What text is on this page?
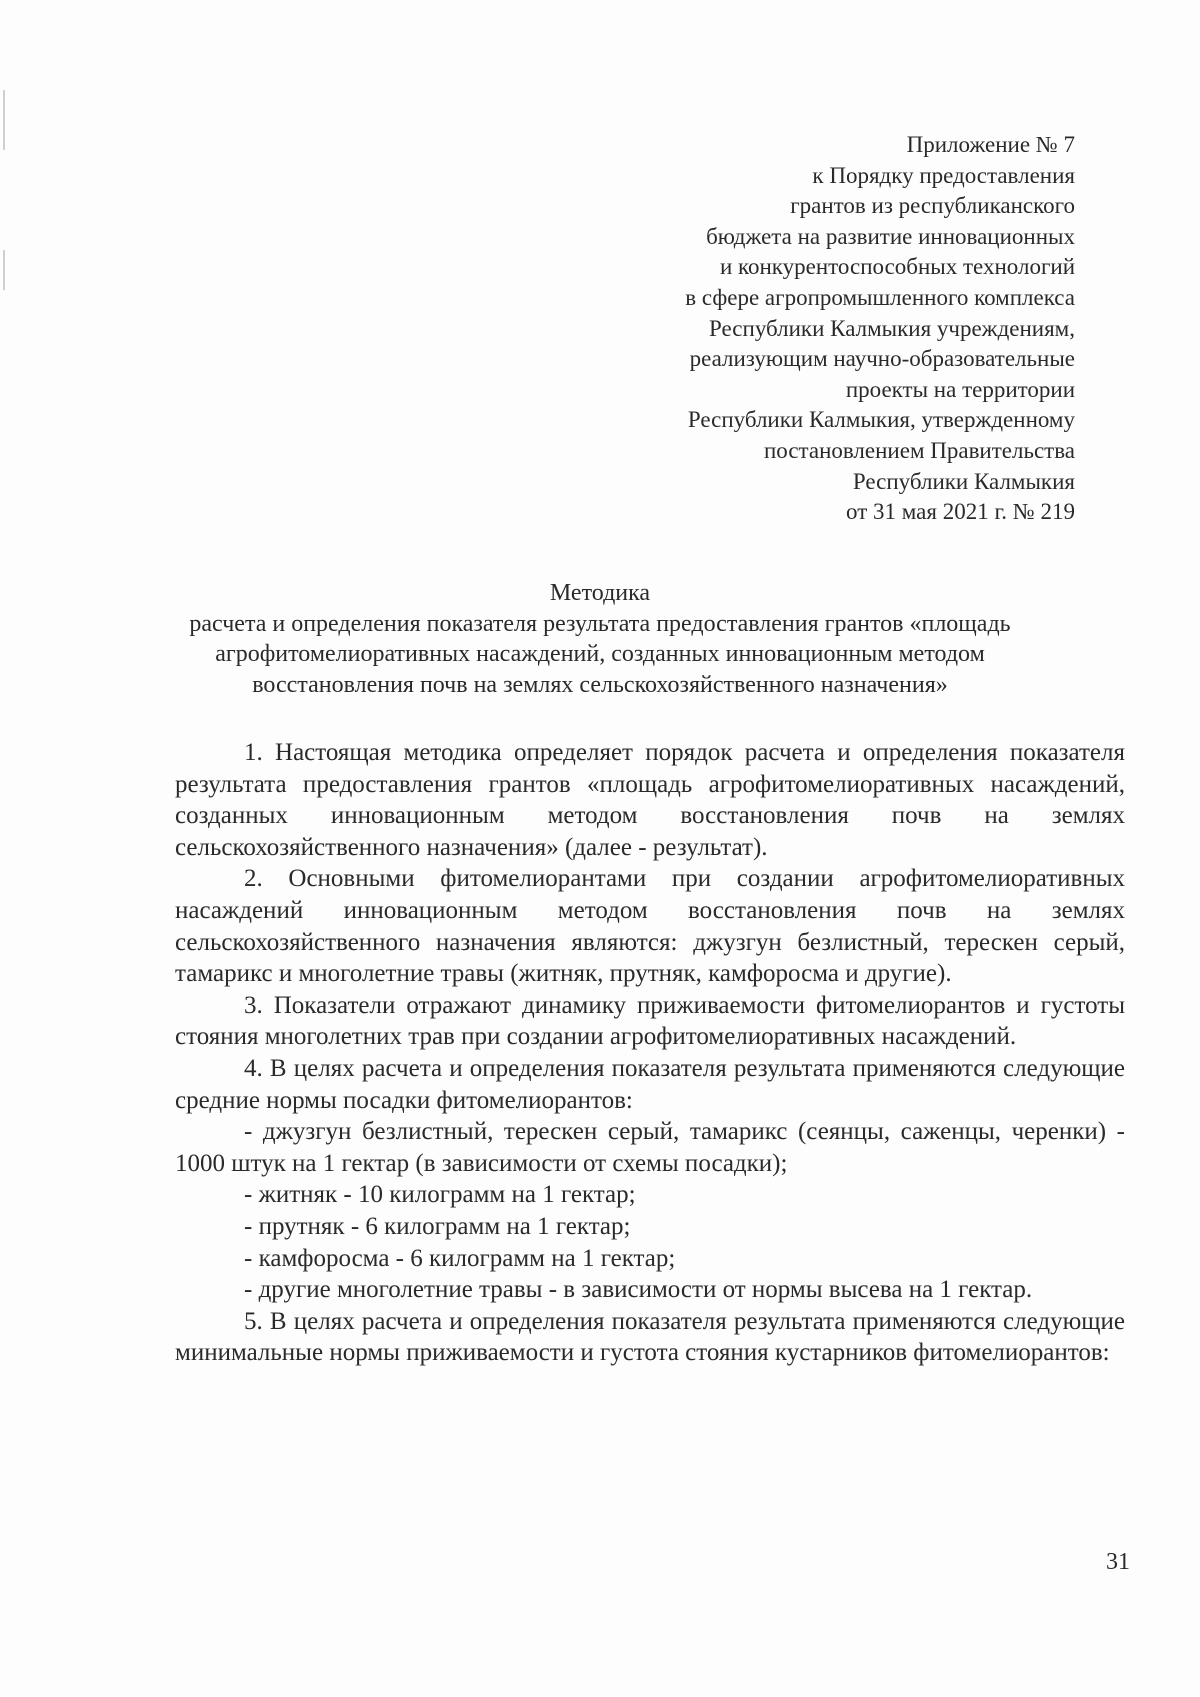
Приложение № 7
к Порядку предоставления
грантов из республиканского
бюджета на развитие инновационных
и конкурентоспособных технологий
в сфере агропромышленного комплекса
Республики Калмыкия учреждениям,
реализующим научно-образовательные
проекты на территории
Республики Калмыкия, утвержденному
постановлением Правительства
Республики Калмыкия
от 31 мая 2021 г. № 219
Методика
расчета и определения показателя результата предоставления грантов «площадь агрофитомелиоративных насаждений, созданных инновационным методом восстановления почв на землях сельскохозяйственного назначения»

1. Настоящая методика определяет порядок расчета и определения показателя результата предоставления грантов «площадь агрофитомелиоративных насаждений, созданных инновационным методом восстановления почв на землях сельскохозяйственного назначения» (далее - результат).

2. Основными фитомелиорантами при создании агрофитомелиоративных насаждений инновационным методом восстановления почв на землях сельскохозяйственного назначения являются: джузгун безлистный, терескен серый, тамарикс и многолетние травы (житняк, прутняк, камфоросма и другие).

3. Показатели отражают динамику приживаемости фитомелиорантов и густоты стояния многолетних трав при создании агрофитомелиоративных насаждений.

4. В целях расчета и определения показателя результата применяются следующие средние нормы посадки фитомелиорантов:

- джузгун безлистный, терескен серый, тамарикс (сеянцы, саженцы, черенки) - 1000 штук на 1 гектар (в зависимости от схемы посадки);

- житняк - 10 килограмм на 1 гектар;

- прутняк - 6 килограмм на 1 гектар;

- камфоросма - 6 килограмм на 1 гектар;

- другие многолетние травы - в зависимости от нормы высева на 1 гектар.

5. В целях расчета и определения показателя результата применяются следующие минимальные нормы приживаемости и густота стояния кустарников фитомелиорантов:

31
